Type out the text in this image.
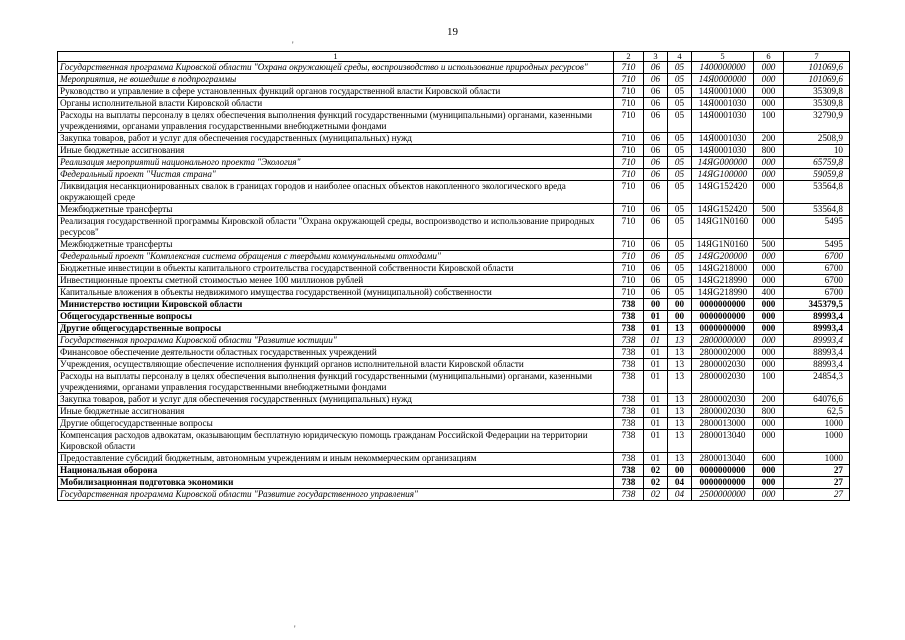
19
'
'
1	2	3	4	5	6	7
Государственная программа Кировской области "Охрана окружающей среды, воспроизводство и использование природных ресурсов"	710	06	05	1400000000	000	101069,6
Мероприятия, не вошедшие в подпрограммы	710	06	05	14Я0000000	000	101069,6
Руководство и управление в сфере установленных функций органов государственной власти Кировской области	710	06	05	14Я0001000	000	35309,8
Органы исполнительной власти Кировской области	710	06	05	14Я0001030	000	35309,8
Расходы на выплаты персоналу в целях обеспечения выполнения функций государственными (муниципальными) органами, казенными учреждениями, органами управления государственными внебюджетными фондами	710	06	05	14Я0001030	100	32790,9
Закупка товаров, работ и услуг для обеспечения государственных (муниципальных) нужд	710	06	05	14Я0001030	200	2508,9
Иные бюджетные ассигнования	710	06	05	14Я0001030	800	10
Реализация мероприятий национального проекта "Экология"	710	06	05	14ЯG000000	000	65759,8
Федеральный проект "Чистая страна"	710	06	05	14ЯG100000	000	59059,8
Ликвидация несанкционированных свалок в границах городов и наиболее опасных объектов накопленного экологического вреда окружающей среде	710	06	05	14ЯG152420	000	53564,8
Межбюджетные трансферты	710	06	05	14ЯG152420	500	53564,8
Реализация государственной программы Кировской области "Охрана окружающей среды, воспроизводство и использование природных ресурсов"	710	06	05	14ЯG1N0160	000	5495
Межбюджетные трансферты	710	06	05	14ЯG1N0160	500	5495
Федеральный проект "Комплексная система обращения с твердыми коммунальными отходами"	710	06	05	14ЯG200000	000	6700
Бюджетные инвестиции в объекты капитального строительства государственной собственности Кировской области	710	06	05	14ЯG218000	000	6700
Инвестиционные проекты сметной стоимостью менее 100 миллионов рублей	710	06	05	14ЯG218990	000	6700
Капитальные вложения в объекты недвижимого имущества государственной (муниципальной) собственности	710	06	05	14ЯG218990	400	6700
Министерство юстиции Кировской области	738	00	00	0000000000	000	345379,5
Общегосударственные вопросы	738	01	00	0000000000	000	89993,4
Другие общегосударственные вопросы	738	01	13	0000000000	000	89993,4
Государственная программа Кировской области "Развитие юстиции"	738	01	13	2800000000	000	89993,4
Финансовое обеспечение деятельности областных государственных учреждений	738	01	13	2800002000	000	88993,4
Учреждения, осуществляющие обеспечение исполнения функций органов исполнительной власти Кировской области	738	01	13	2800002030	000	88993,4
Расходы на выплаты персоналу в целях обеспечения выполнения функций государственными (муниципальными) органами, казенными учреждениями, органами управления государственными внебюджетными фондами	738	01	13	2800002030	100	24854,3
Закупка товаров, работ и услуг для обеспечения государственных (муниципальных) нужд	738	01	13	2800002030	200	64076,6
Иные бюджетные ассигнования	738	01	13	2800002030	800	62,5
Другие общегосударственные вопросы	738	01	13	2800013000	000	1000
Компенсация расходов адвокатам, оказывающим бесплатную юридическую помощь гражданам Российской Федерации на территории Кировской области	738	01	13	2800013040	000	1000
Предоставление субсидий бюджетным, автономным учреждениям и иным некоммерческим организациям	738	01	13	2800013040	600	1000
Национальная оборона	738	02	00	0000000000	000	27
Мобилизационная подготовка экономики	738	02	04	0000000000	000	27
Государственная программа Кировской области "Развитие государственного управления"	738	02	04	2500000000	000	27
